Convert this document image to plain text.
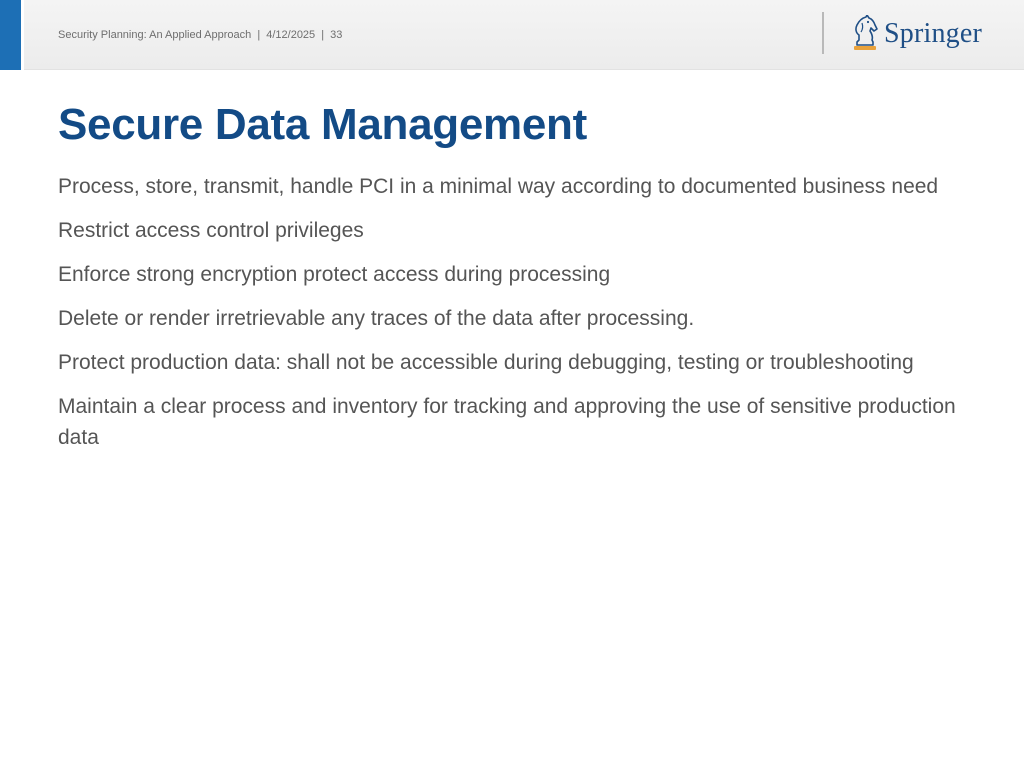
Security Planning: An Applied Approach | 4/12/2025 | 33	Springer
Secure Data Management
Process, store, transmit, handle PCI in a minimal way according to documented business need
Restrict access control privileges
Enforce strong encryption protect access during processing
Delete or render irretrievable any traces of the data after processing.
Protect production data: shall not be accessible during debugging, testing or troubleshooting
Maintain a clear process and inventory for tracking and approving the use of sensitive production data
